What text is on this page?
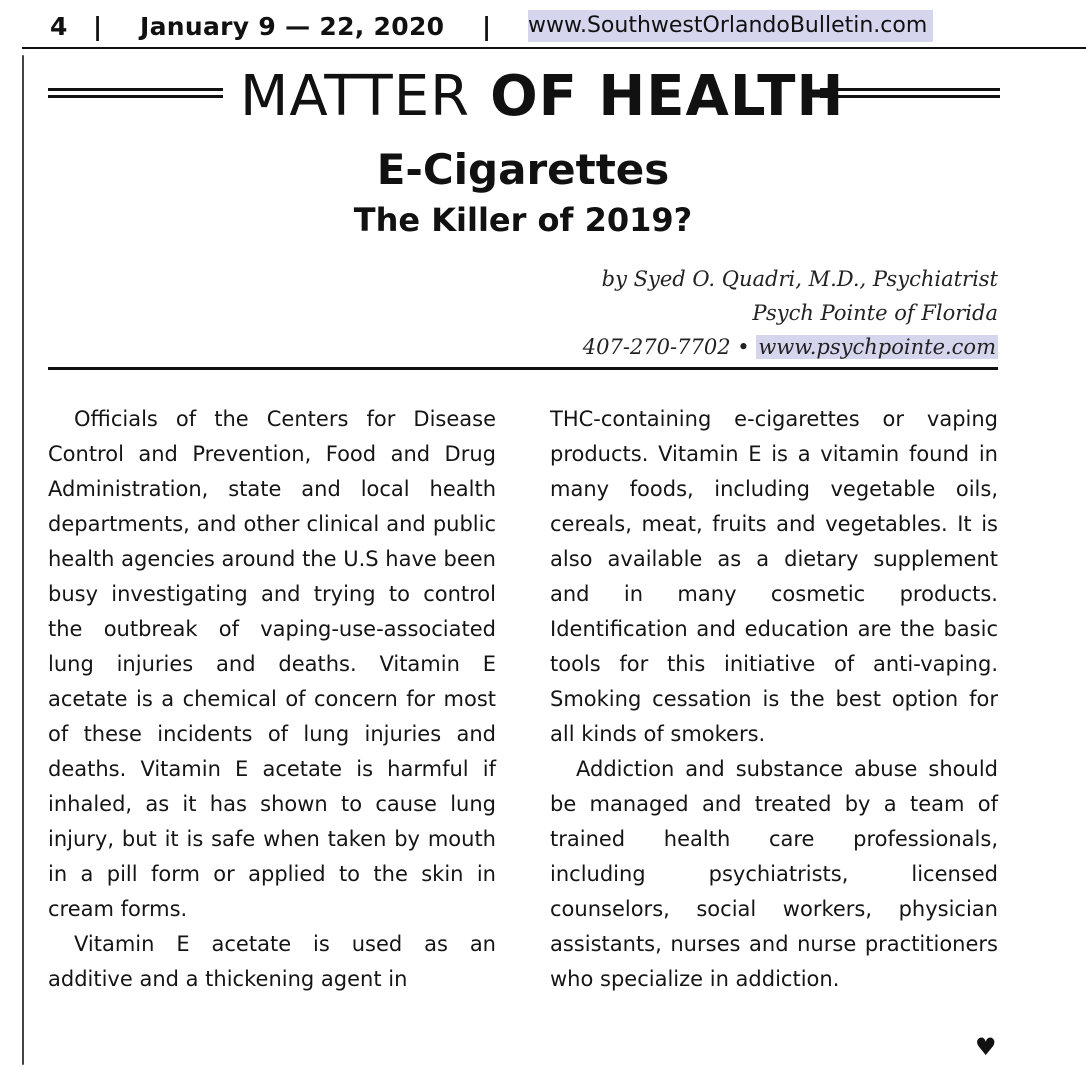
4 | January 9 — 22, 2020 | www.SouthwestOrlandoBulletin.com
MATTER OF HEALTH
E-Cigarettes
The Killer of 2019?
by Syed O. Quadri, M.D., Psychiatrist
Psych Pointe of Florida
407-270-7702 • www.psychpointe.com

Officials of the Centers for Disease Control and Prevention, Food and Drug Administration, state and local health departments, and other clinical and public health agencies around the U.S have been busy investigating and trying to control the outbreak of vaping-use-associated lung injuries and deaths. Vitamin E acetate is a chemical of concern for most of these incidents of lung injuries and deaths. Vitamin E acetate is harmful if inhaled, as it has shown to cause lung injury, but it is safe when taken by mouth in a pill form or applied to the skin in cream forms.

Vitamin E acetate is used as an additive and a thickening agent in

THC-containing e-cigarettes or vaping products. Vitamin E is a vitamin found in many foods, including vegetable oils, cereals, meat, fruits and vegetables. It is also available as a dietary supplement and in many cosmetic products. Identification and education are the basic tools for this initiative of anti-vaping. Smoking cessation is the best option for all kinds of smokers.

Addiction and substance abuse should be managed and treated by a team of trained health care professionals, including psychiatrists, licensed counselors, social workers, physician assistants, nurses and nurse practitioners who specialize in addiction.

♥
